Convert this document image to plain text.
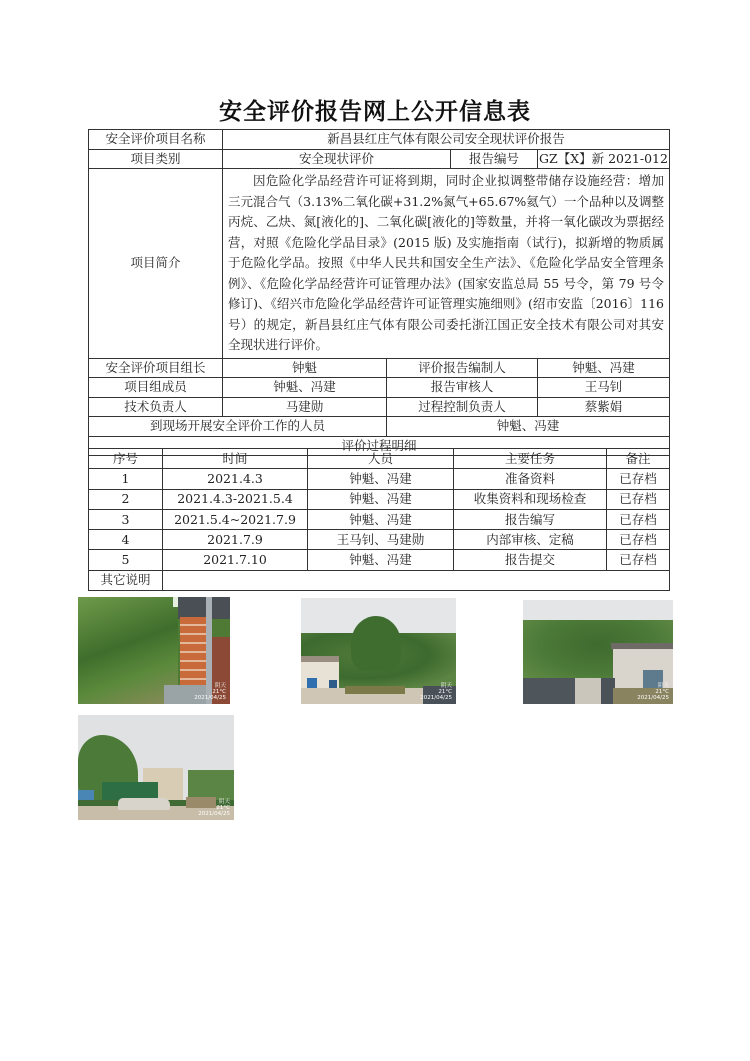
安全评价报告网上公开信息表
安全评价项目名称	新昌县红庄气体有限公司安全现状评价报告			
项目类别	安全现状评价		报告编号	GZ【X】新 2021-012
项目简介	因危险化学品经营许可证将到期，同时企业拟调整带储存设施经营：增加三元混合气（3.13%二氧化碳+31.2%氮气+65.67%氦气）一个品种以及调整丙烷、乙炔、氮[液化的]、二氧化碳[液化的]等数量，并将一氧化碳改为票据经营，对照《危险化学品目录》(2015 版) 及实施指南（试行)，拟新增的物质属于危险化学品。按照《中华人民共和国安全生产法》、《危险化学品安全管理条例》、《危险化学品经营许可证管理办法》(国家安监总局 55 号令，第 79 号令修订)、《绍兴市危险化学品经营许可证管理实施细则》(绍市安监〔2016〕116 号）的规定，新昌县红庄气体有限公司委托浙江国正安全技术有限公司对其安全现状进行评价。			

安全评价项目组长	钟魁	评价报告编制人		钟魁、冯建
项目组成员	钟魁、冯建	报告审核人		王马钊
技术负责人	马建勋	过程控制负责人		蔡紫娟
到现场开展安全评价工作的人员		钟魁、冯建		
评价过程明细				
序号	时间	人员	主要任务	备注
1	2021.4.3	钟魁、冯建	准备资料	已存档
2	2021.4.3-2021.5.4	钟魁、冯建	收集资料和现场检查	已存档
3	2021.5.4~2021.7.9	钟魁、冯建	报告编写	已存档
4	2021.7.9	王马钊、马建勋	内部审核、定稿	已存档
5	2021.7.10	钟魁、冯建	报告提交	已存档
其它说明				
阴天
21°C
2021/04/25
阴天
21°C
2021/04/25
阴天
21°C
2021/04/25
阴天
21°C
2021/04/25
